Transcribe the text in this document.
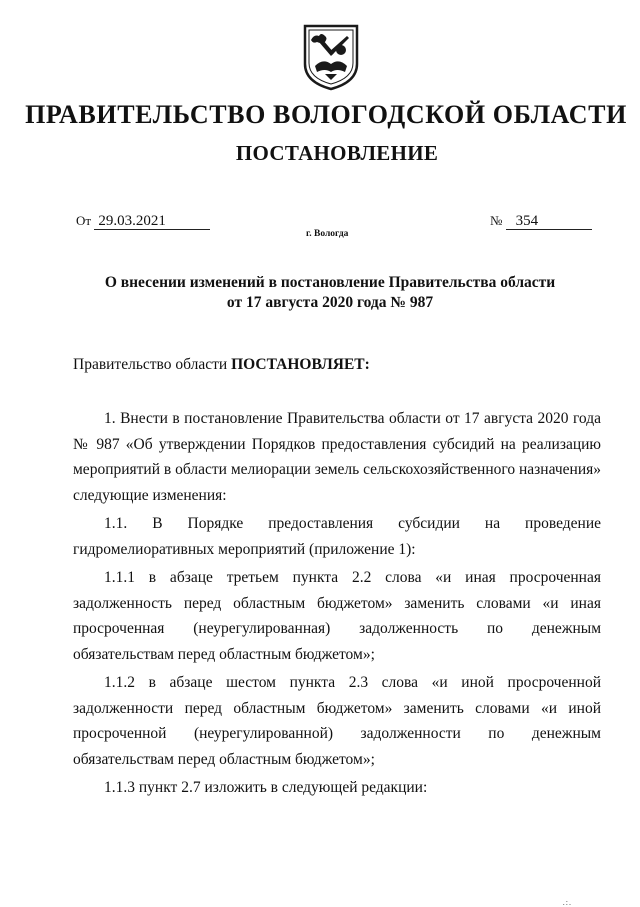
ПРАВИТЕЛЬСТВО ВОЛОГОДСКОЙ ОБЛАСТИ
ПОСТАНОВЛЕНИЕ
От 29.03.2021	№ 354
г. Вологда
О внесении изменений в постановление Правительства области
от 17 августа 2020 года № 987
Правительство области ПОСТАНОВЛЯЕТ:

1. Внести в постановление Правительства области от 17 августа 2020 года № 987 «Об утверждении Порядков предоставления субсидий на реализацию мероприятий в области мелиорации земель сельскохозяйственного назначения» следующие изменения:

1.1. В Порядке предоставления субсидии на проведение гидромелиоративных мероприятий (приложение 1):

1.1.1 в абзаце третьем пункта 2.2 слова «и иная просроченная задолженность перед областным бюджетом» заменить словами «и иная просроченная (неурегулированная) задолженность по денежным обязательствам перед областным бюджетом»;

1.1.2 в абзаце шестом пункта 2.3 слова «и иной просроченной задолженности перед областным бюджетом» заменить словами «и иной просроченной (неурегулированной) задолженности по денежным обязательствам перед областным бюджетом»;

1.1.3 пункт 2.7 изложить в следующей редакции:

.:.
